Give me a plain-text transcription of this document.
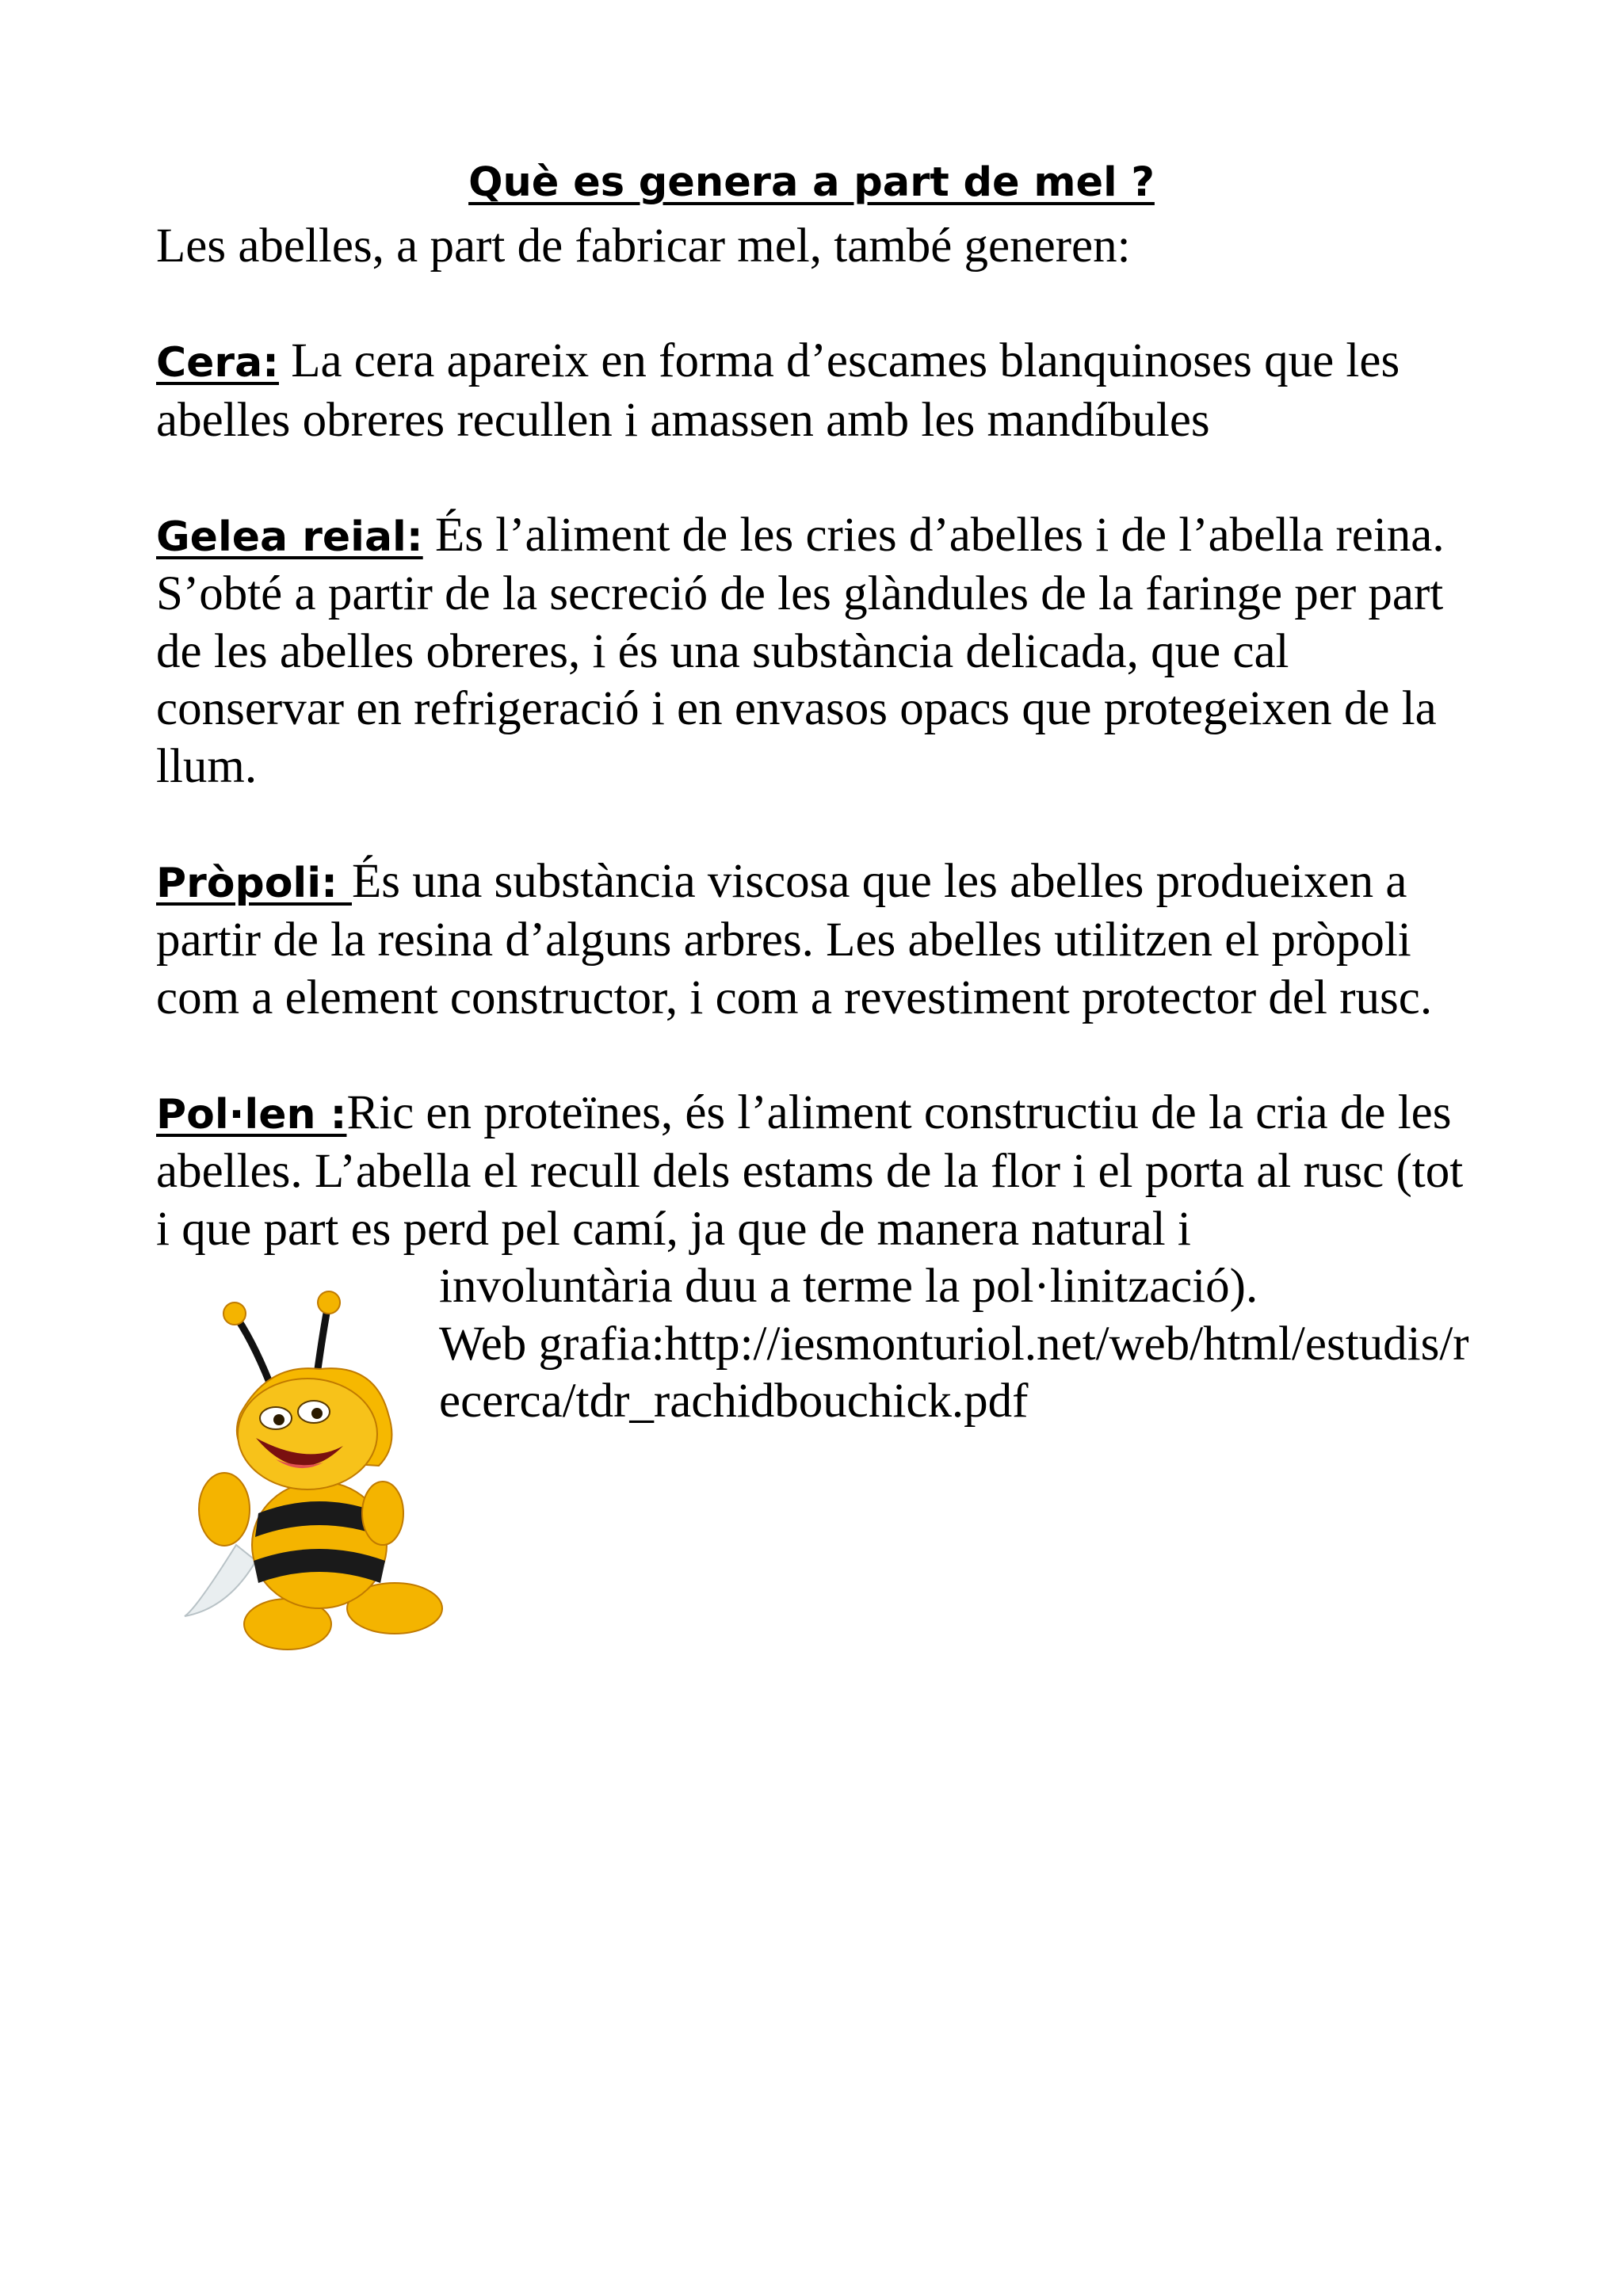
Què es genera a part de mel ?

Les abelles, a part de fabricar mel, també generen:

Cera: La cera apareix en forma d’escames blanquinoses que les abelles obreres recullen i amassen amb les mandíbules

Gelea reial: És l’aliment de les cries d’abelles i de l’abella reina. S’obté a partir de la secreció de les glàndules de la faringe per part de les abelles obreres, i és una substància delicada, que cal conservar en refrigeració i en envasos opacs que protegeixen de la llum.

Pròpoli: És una substància viscosa que les abelles produeixen a partir de la resina d’alguns arbres. Les abelles utilitzen el pròpoli com a element constructor, i com a revestiment protector del rusc.

Pol·len :Ric en proteïnes, és l’aliment constructiu de la cria de les abelles. L’abella el recull dels estams de la flor i el porta al rusc (tot i que part es perd pel camí, ja que de manera natural i

involuntària duu a terme la pol·linització).

Web grafia:http://iesmonturiol.net/web/html/estudis/recerca/tdr_rachidbouchick.pdf
